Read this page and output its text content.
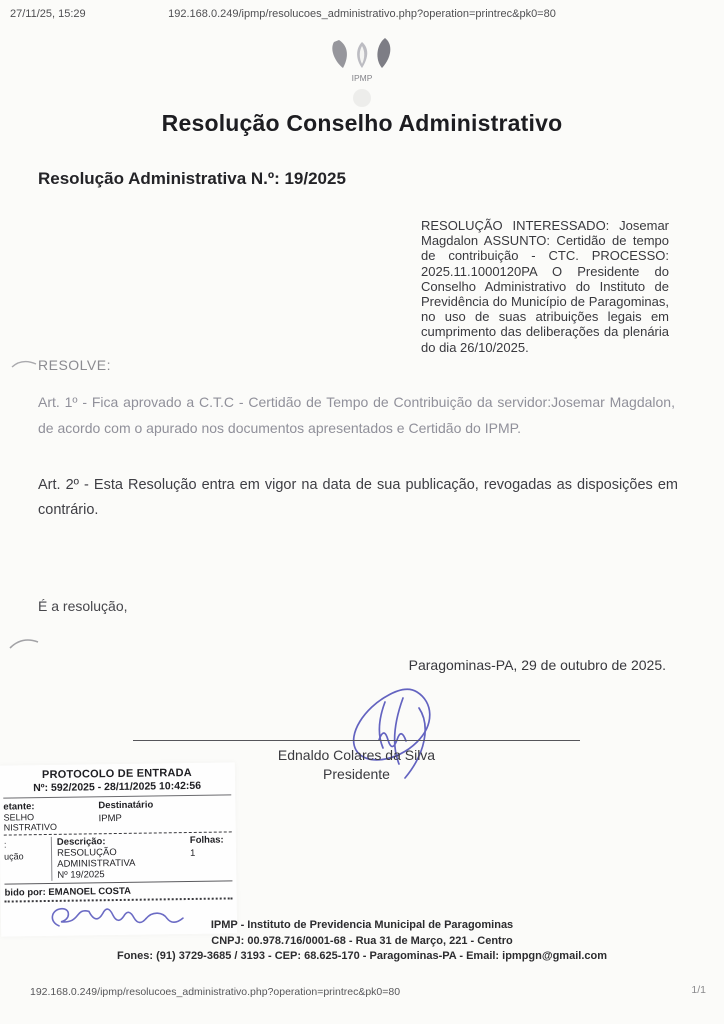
27/11/25, 15:29	192.168.0.249/ipmp/resolucoes_administrativo.php?operation=printrec&pk0=80
IPMP
Resolução Conselho Administrativo
Resolução Administrativa N.º: 19/2025
RESOLUÇÃO INTERESSADO: Josemar Magdalon ASSUNTO: Certidão de tempo de contribuição - CTC. PROCESSO: 2025.11.1000120PA O Presidente do Conselho Administrativo do Instituto de Previdência do Município de Paragominas, no uso de suas atribuições legais em cumprimento das deliberações da plenária do dia 26/10/2025.
RESOLVE:
Art. 1º - Fica aprovado a C.T.C - Certidão de Tempo de Contribuição da servidor:Josemar Magdalon, de acordo com o apurado nos documentos apresentados e Certidão do IPMP.
Art. 2º - Esta Resolução entra em vigor na data de sua publicação, revogadas as disposições em contrário.
É a resolução,
Paragominas-PA, 29 de outubro de 2025.
Ednaldo Colares da Silva
Presidente
PROTOCOLO DE ENTRADA
Nº: 592/2025 - 28/11/2025 10:42:56
etante:
SELHO
NISTRATIVO
Destinatário
IPMP
:
ução
Descrição:
RESOLUÇÃO ADMINISTRATIVA
Nº 19/2025
Folhas:
1
bido por: EMANOEL COSTA
IPMP - Instituto de Previdencia Municipal de Paragominas
CNPJ: 00.978.716/0001-68 - Rua 31 de Março, 221 - Centro
Fones: (91) 3729-3685 / 3193 - CEP: 68.625-170 - Paragominas-PA - Email: ipmpgn@gmail.com
192.168.0.249/ipmp/resolucoes_administrativo.php?operation=printrec&pk0=80	1/1
